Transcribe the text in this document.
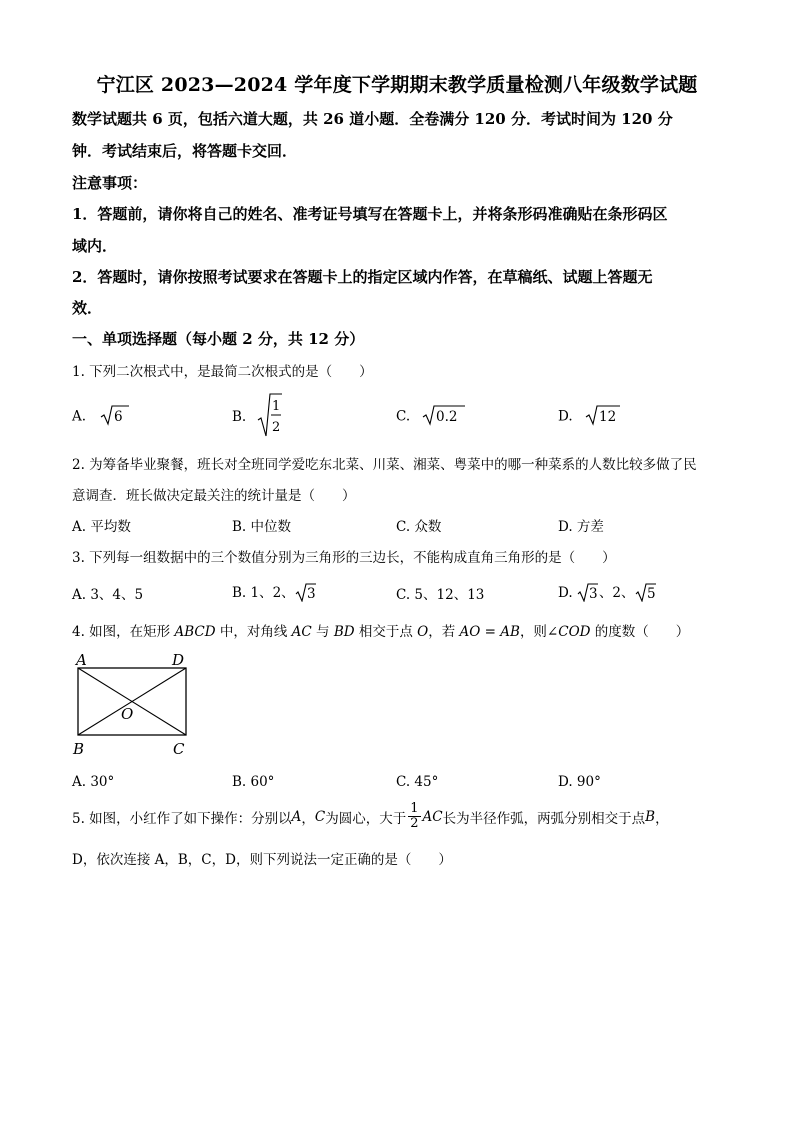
宁江区 2023—2024 学年度下学期期末教学质量检测八年级数学试题
数学试题共 6 页，包括六道大题，共 26 道小题．全卷满分 120 分．考试时间为 120 分
钟．考试结束后，将答题卡交回．
注意事项：
1．答题前，请你将自己的姓名、准考证号填写在答题卡上，并将条形码准确贴在条形码区
域内．
2．答题时，请你按照考试要求在答题卡上的指定区域内作答，在草稿纸、试题上答题无
效．
一、单项选择题（每小题 2 分，共 12 分）
1. 下列二次根式中，是最简二次根式的是（　　）
A. 6	B.
1
2
C. 0.2	D. 12
2. 为筹备毕业聚餐，班长对全班同学爱吃东北菜、川菜、湘菜、粤菜中的哪一种菜系的人数比较多做了民
意调查．班长做决定最关注的统计量是（　　）
A. 平均数	B. 中位数	C. 众数	D. 方差
3. 下列每一组数据中的三个数值分别为三角形的三边长，不能构成直角三角形的是（　　）
A. 3、4、5	B. 1、2、 3	C. 5、12、13	D. 3 、2、 5
4. 如图，在矩形 ABCD 中，对角线 AC 与 BD 相交于点 O，若 AO = AB，则∠COD 的度数（　　）
A	D
O
B	C
A. 30°	B. 60°	C. 45°	D. 90°
5. 如图，小红作了如下操作：分别以 A ， C 为圆心，大于 $\frac{1}{2}$ AC 长为半径作弧，两弧分别相交于点 B ，
D，依次连接 A，B，C，D，则下列说法一定正确的是（　　）
